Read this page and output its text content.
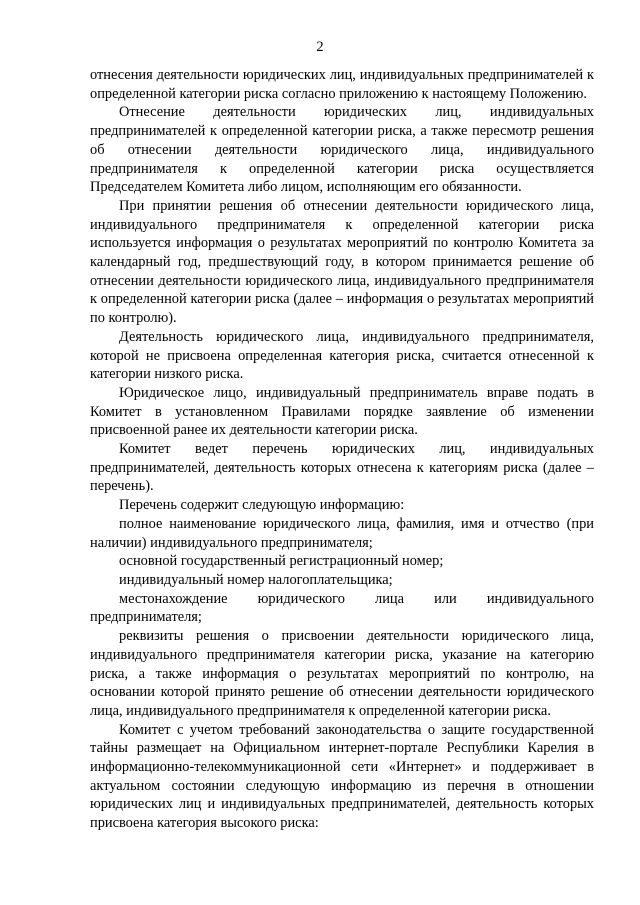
2

отнесения деятельности юридических лиц, индивидуальных предпринимателей к определенной категории риска согласно приложению к настоящему Положению.

Отнесение деятельности юридических лиц, индивидуальных предпринимателей к определенной категории риска, а также пересмотр решения об отнесении деятельности юридического лица, индивидуального предпринимателя к определенной категории риска осуществляется Председателем Комитета либо лицом, исполняющим его обязанности.

При принятии решения об отнесении деятельности юридического лица, индивидуального предпринимателя к определенной категории риска используется информация о результатах мероприятий по контролю Комитета за календарный год, предшествующий году, в котором принимается решение об отнесении деятельности юридического лица, индивидуального предпринимателя к определенной категории риска (далее – информация о результатах мероприятий по контролю).

Деятельность юридического лица, индивидуального предпринимателя, которой не присвоена определенная категория риска, считается отнесенной к категории низкого риска.

Юридическое лицо, индивидуальный предприниматель вправе подать в Комитет в установленном Правилами порядке заявление об изменении присвоенной ранее их деятельности категории риска.

Комитет ведет перечень юридических лиц, индивидуальных предпринимателей, деятельность которых отнесена к категориям риска (далее – перечень).

Перечень содержит следующую информацию:

полное наименование юридического лица, фамилия, имя и отчество (при наличии) индивидуального предпринимателя;

основной государственный регистрационный номер;

индивидуальный номер налогоплательщика;

местонахождение юридического лица или индивидуального предпринимателя;

реквизиты решения о присвоении деятельности юридического лица, индивидуального предпринимателя категории риска, указание на категорию риска, а также информация о результатах мероприятий по контролю, на основании которой принято решение об отнесении деятельности юридического лица, индивидуального предпринимателя к определенной категории риска.

Комитет с учетом требований законодательства о защите государственной тайны размещает на Официальном интернет-портале Республики Карелия в информационно-телекоммуникационной сети «Интернет» и поддерживает в актуальном состоянии следующую информацию из перечня в отношении юридических лиц и индивидуальных предпринимателей, деятельность которых присвоена категория высокого риска:
